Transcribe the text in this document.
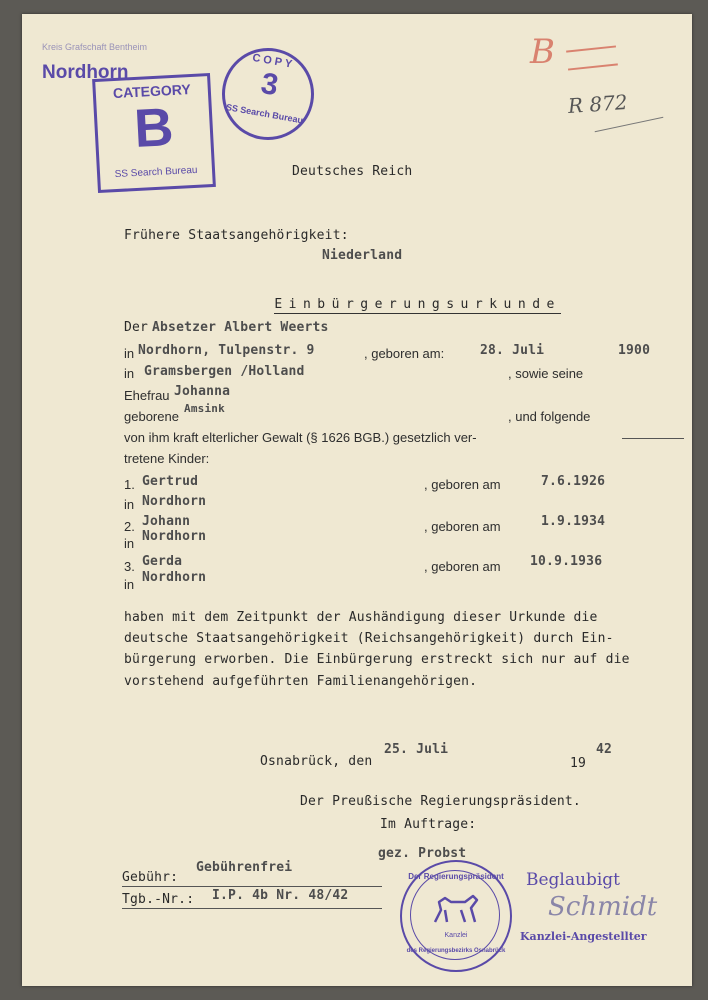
Kreis Grafschaft Bentheim
Nordhorn
CATEGORY
B
SS Search Bureau
COPY
3
SS Search Bureau
B
R 872
Deutsches Reich
Frühere Staatsangehörigkeit:
Niederland

Einbürgerungsurkunde

Der Absetzer Albert Weerts
in Nordhorn, Tulpenstr. 9	, geboren am:	28. Juli	1900
in Gramsbergen /Holland	, sowie seine
Ehefrau Johanna
geborene
Amsink
, und folgende
von ihm kraft elterlicher Gewalt (§ 1626 BGB.) gesetzlich ver-
tretene Kinder:
1. Gertrud	, geboren am	7.6.1926
in Nordhorn
2. Johann	, geboren am	1.9.1934
in Nordhorn
3. Gerda	, geboren am 10.9.1936
in Nordhorn
haben mit dem Zeitpunkt der Aushändigung dieser Urkunde die
deutsche Staatsangehörigkeit (Reichsangehörigkeit) durch Ein-
bürgerung erworben. Die Einbürgerung erstreckt sich nur auf die
vorstehend aufgeführten Familienangehörigen.
Osnabrück, den
25. Juli
19
42
Der Preußische Regierungspräsident.
Im Auftrage:
gez. Probst
Gebühr:
Gebührenfrei
Tgb.-Nr.: I.P. 4b Nr. 48/42
Der Regierungspräsident
Kanzlei
des Regierungsbezirks Osnabrück
Beglaubigt
Schmidt
Kanzlei-Angestellter
